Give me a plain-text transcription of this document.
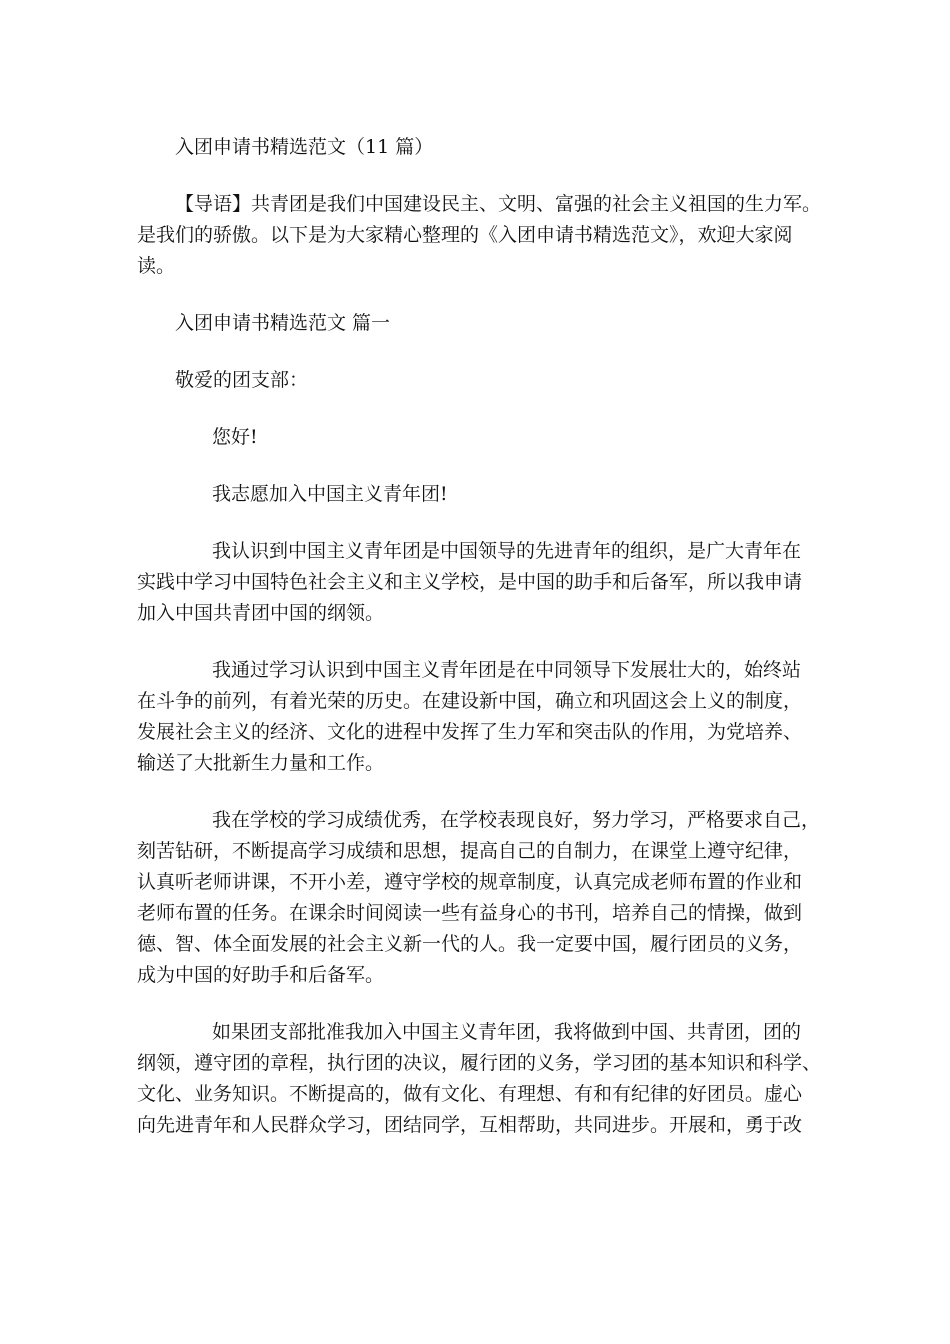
入团申请书精选范文（11 篇）
【导语】共青团是我们中国建设民主、文明、富强的社会主义祖国的生力军。
是我们的骄傲。以下是为大家精心整理的《入团申请书精选范文》，欢迎大家阅
读。
入团申请书精选范文 篇一
敬爱的团支部：
您好!
我志愿加入中国主义青年团!
我认识到中国主义青年团是中国领导的先进青年的组织，是广大青年在
实践中学习中国特色社会主义和主义学校，是中国的助手和后备军，所以我申请
加入中国共青团中国的纲领。
我通过学习认识到中国主义青年团是在中同领导下发展壮大的，始终站
在斗争的前列，有着光荣的历史。在建设新中国，确立和巩固这会上义的制度，
发展社会主义的经济、文化的进程中发挥了生力军和突击队的作用，为党培养、
输送了大批新生力量和工作。
我在学校的学习成绩优秀，在学校表现良好，努力学习，严格要求自己，
刻苦钻研，不断提高学习成绩和思想，提高自己的自制力，在课堂上遵守纪律，
认真听老师讲课，不开小差，遵守学校的规章制度，认真完成老师布置的作业和
老师布置的任务。在课余时间阅读一些有益身心的书刊，培养自己的情操，做到
德、智、体全面发展的社会主义新一代的人。我一定要中国，履行团员的义务，
成为中国的好助手和后备军。
如果团支部批准我加入中国主义青年团，我将做到中国、共青团，团的
纲领，遵守团的章程，执行团的决议，履行团的义务，学习团的基本知识和科学、
文化、业务知识。不断提高的，做有文化、有理想、有和有纪律的好团员。虚心
向先进青年和人民群众学习，团结同学，互相帮助，共同进步。开展和，勇于改
